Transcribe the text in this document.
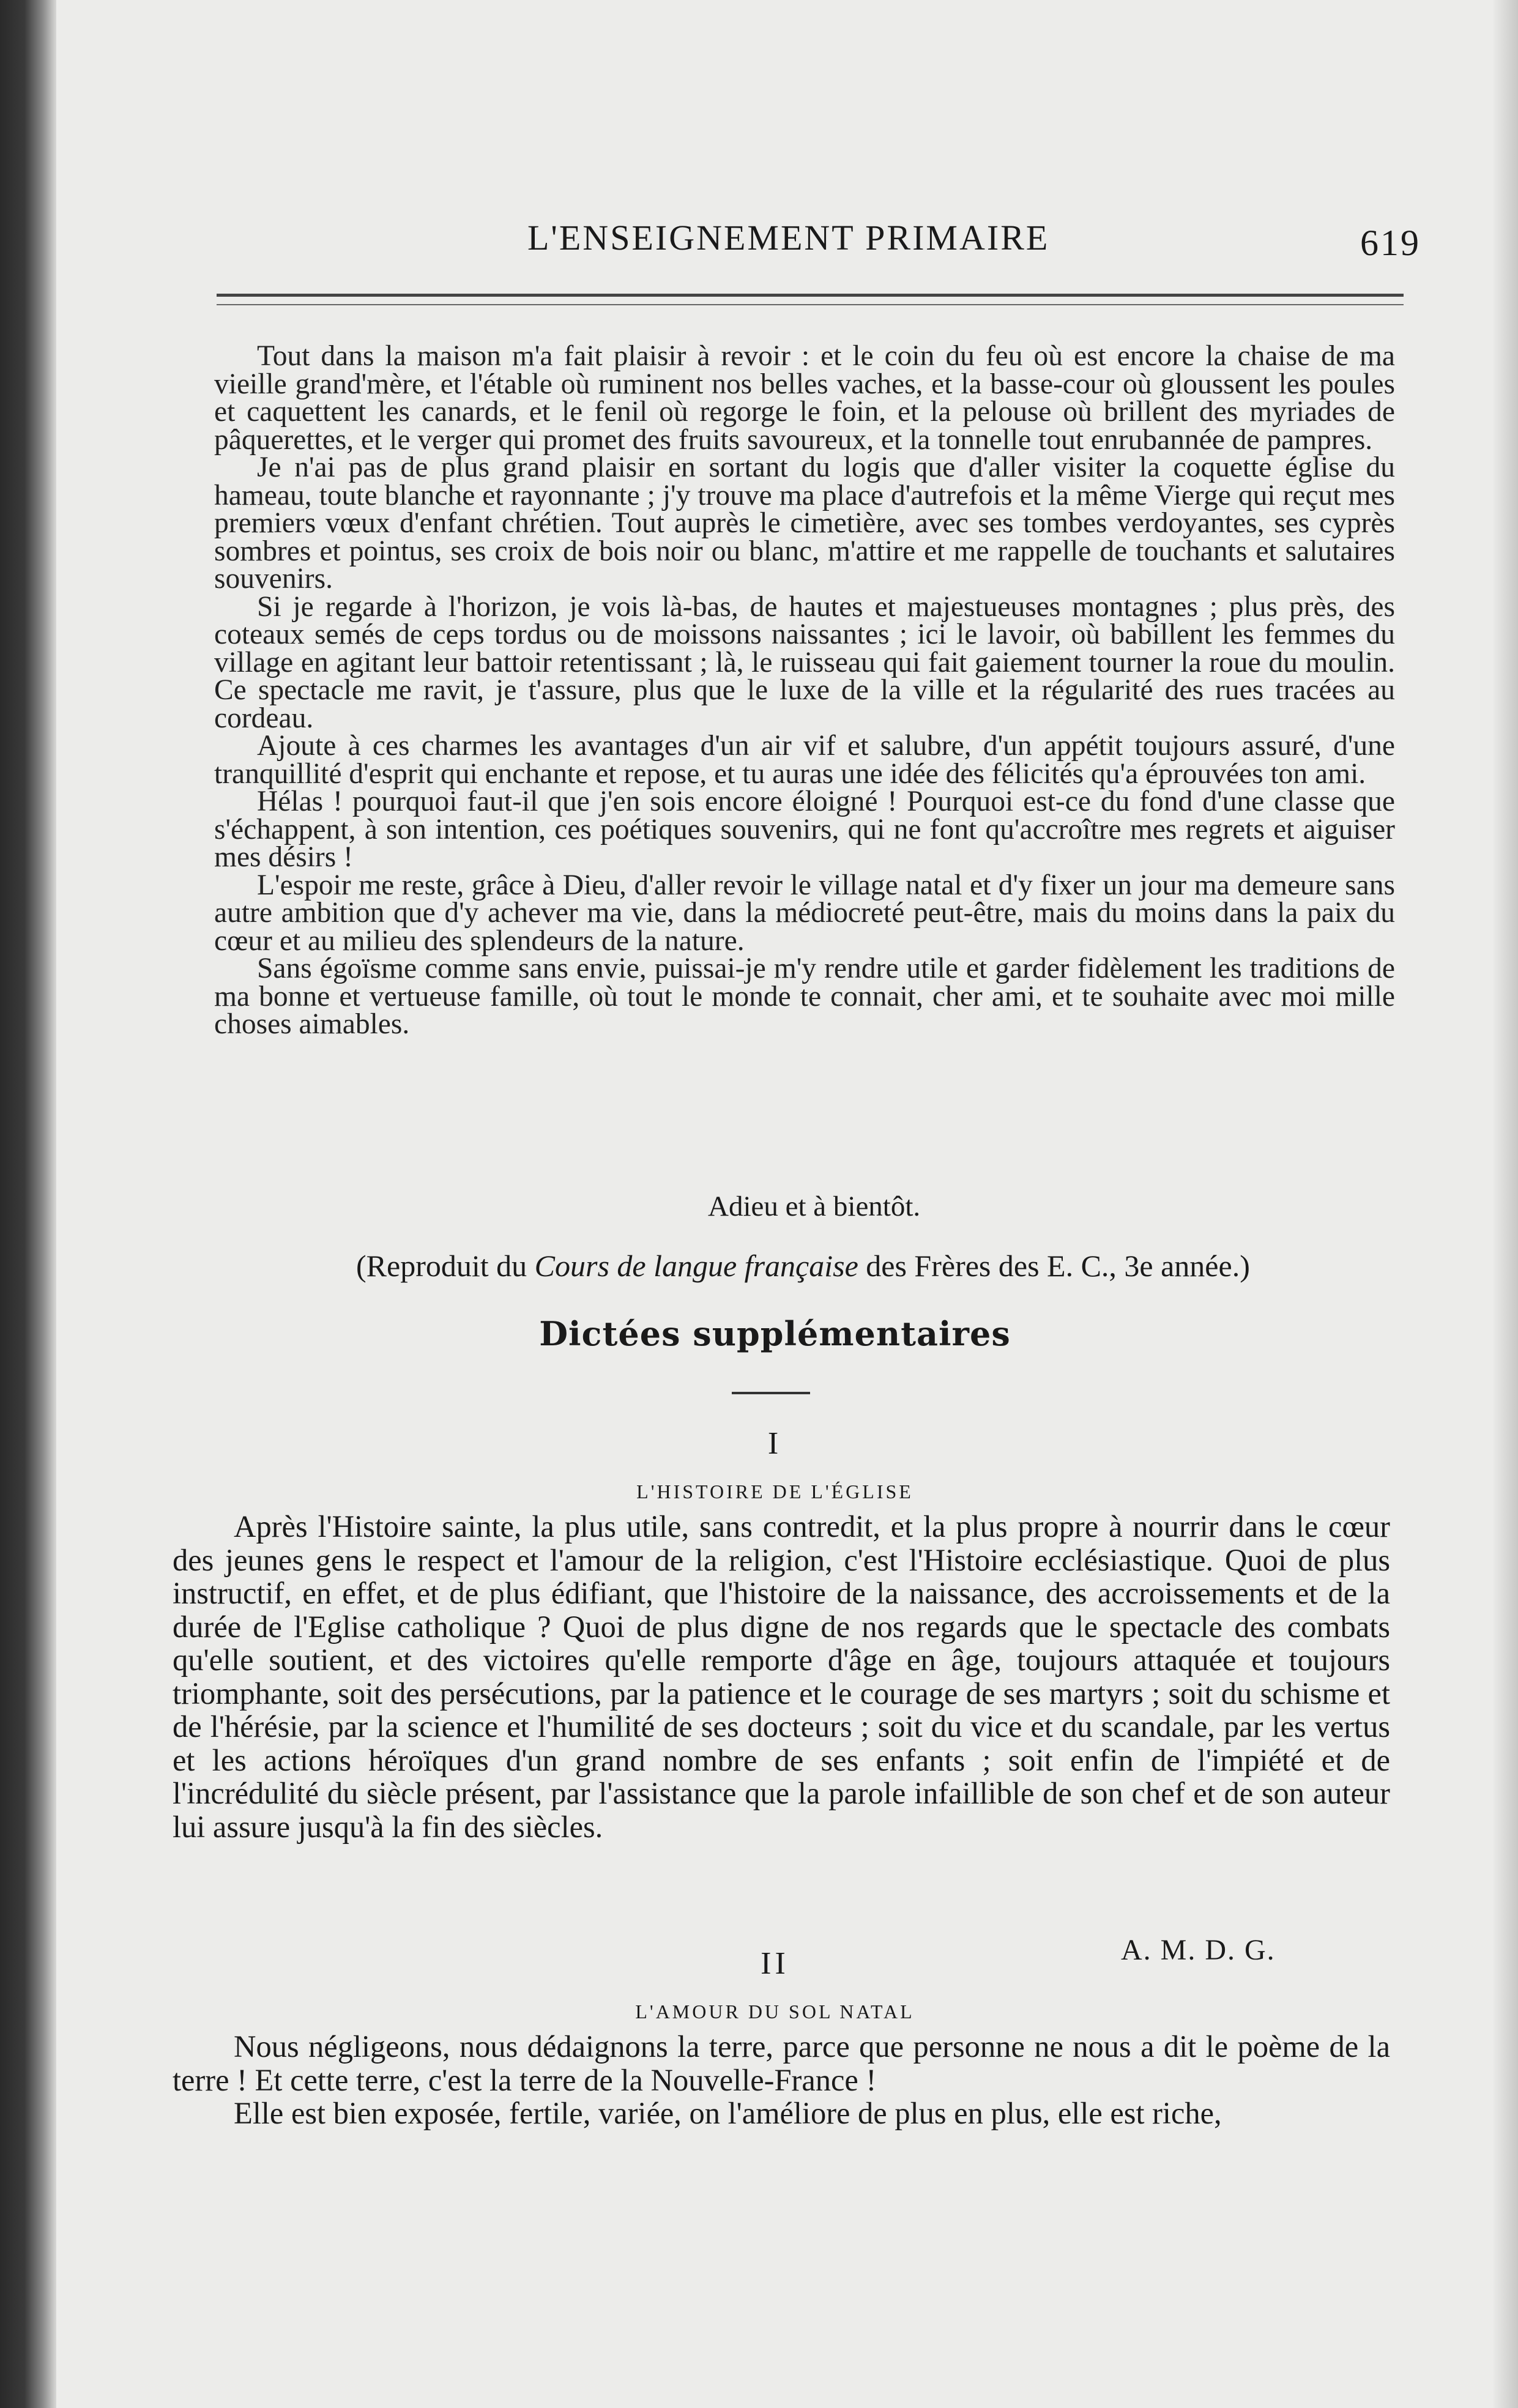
L'ENSEIGNEMENT PRIMAIRE	619

Tout dans la maison m'a fait plaisir à revoir : et le coin du feu où est encore la chaise de ma vieille grand'mère, et l'étable où ruminent nos belles vaches, et la basse-cour où gloussent les poules et caquettent les canards, et le fenil où regorge le foin, et la pelouse où brillent des myriades de pâquerettes, et le verger qui promet des fruits savoureux, et la tonnelle tout enrubannée de pampres.

Je n'ai pas de plus grand plaisir en sortant du logis que d'aller visiter la coquette église du hameau, toute blanche et rayonnante ; j'y trouve ma place d'autrefois et la même Vierge qui reçut mes premiers vœux d'enfant chrétien. Tout auprès le cimetière, avec ses tombes verdoyantes, ses cyprès sombres et pointus, ses croix de bois noir ou blanc, m'attire et me rappelle de touchants et salutaires souvenirs.

Si je regarde à l'horizon, je vois là-bas, de hautes et majestueuses montagnes ; plus près, des coteaux semés de ceps tordus ou de moissons naissantes ; ici le lavoir, où babillent les femmes du village en agitant leur battoir retentissant ; là, le ruisseau qui fait gaiement tourner la roue du moulin. Ce spectacle me ravit, je t'assure, plus que le luxe de la ville et la régularité des rues tracées au cordeau.

Ajoute à ces charmes les avantages d'un air vif et salubre, d'un appétit toujours assuré, d'une tranquillité d'esprit qui enchante et repose, et tu auras une idée des félicités qu'a éprouvées ton ami.

Hélas ! pourquoi faut-il que j'en sois encore éloigné ! Pourquoi est-ce du fond d'une classe que s'échappent, à son intention, ces poétiques souvenirs, qui ne font qu'accroître mes regrets et aiguiser mes désirs !

L'espoir me reste, grâce à Dieu, d'aller revoir le village natal et d'y fixer un jour ma demeure sans autre ambition que d'y achever ma vie, dans la médiocreté peut-être, mais du moins dans la paix du cœur et au milieu des splendeurs de la nature.

Sans égoïsme comme sans envie, puissai-je m'y rendre utile et garder fidèlement les traditions de ma bonne et vertueuse famille, où tout le monde te connait, cher ami, et te souhaite avec moi mille choses aimables.

Adieu et à bientôt.
(Reproduit du Cours de langue française des Frères des E. C., 3e année.)
Dictées supplémentaires
I
L'HISTOIRE DE L'ÉGLISE

Après l'Histoire sainte, la plus utile, sans contredit, et la plus propre à nourrir dans le cœur des jeunes gens le respect et l'amour de la religion, c'est l'Histoire ecclésiastique. Quoi de plus instructif, en effet, et de plus édifiant, que l'histoire de la naissance, des accroissements et de la durée de l'Eglise catholique ? Quoi de plus digne de nos regards que le spectacle des combats qu'elle soutient, et des victoires qu'elle remporte d'âge en âge, toujours attaquée et toujours triomphante, soit des persécutions, par la patience et le courage de ses martyrs ; soit du schisme et de l'hérésie, par la science et l'humilité de ses docteurs ; soit du vice et du scandale, par les vertus et les actions héroïques d'un grand nombre de ses enfants ; soit enfin de l'impiété et de l'incrédulité du siècle présent, par l'assistance que la parole infaillible de son chef et de son auteur lui assure jusqu'à la fin des siècles.

A. M. D. G.
II
L'AMOUR DU SOL NATAL

Nous négligeons, nous dédaignons la terre, parce que personne ne nous a dit le poème de la terre ! Et cette terre, c'est la terre de la Nouvelle-France !

Elle est bien exposée, fertile, variée, on l'améliore de plus en plus, elle est riche,
